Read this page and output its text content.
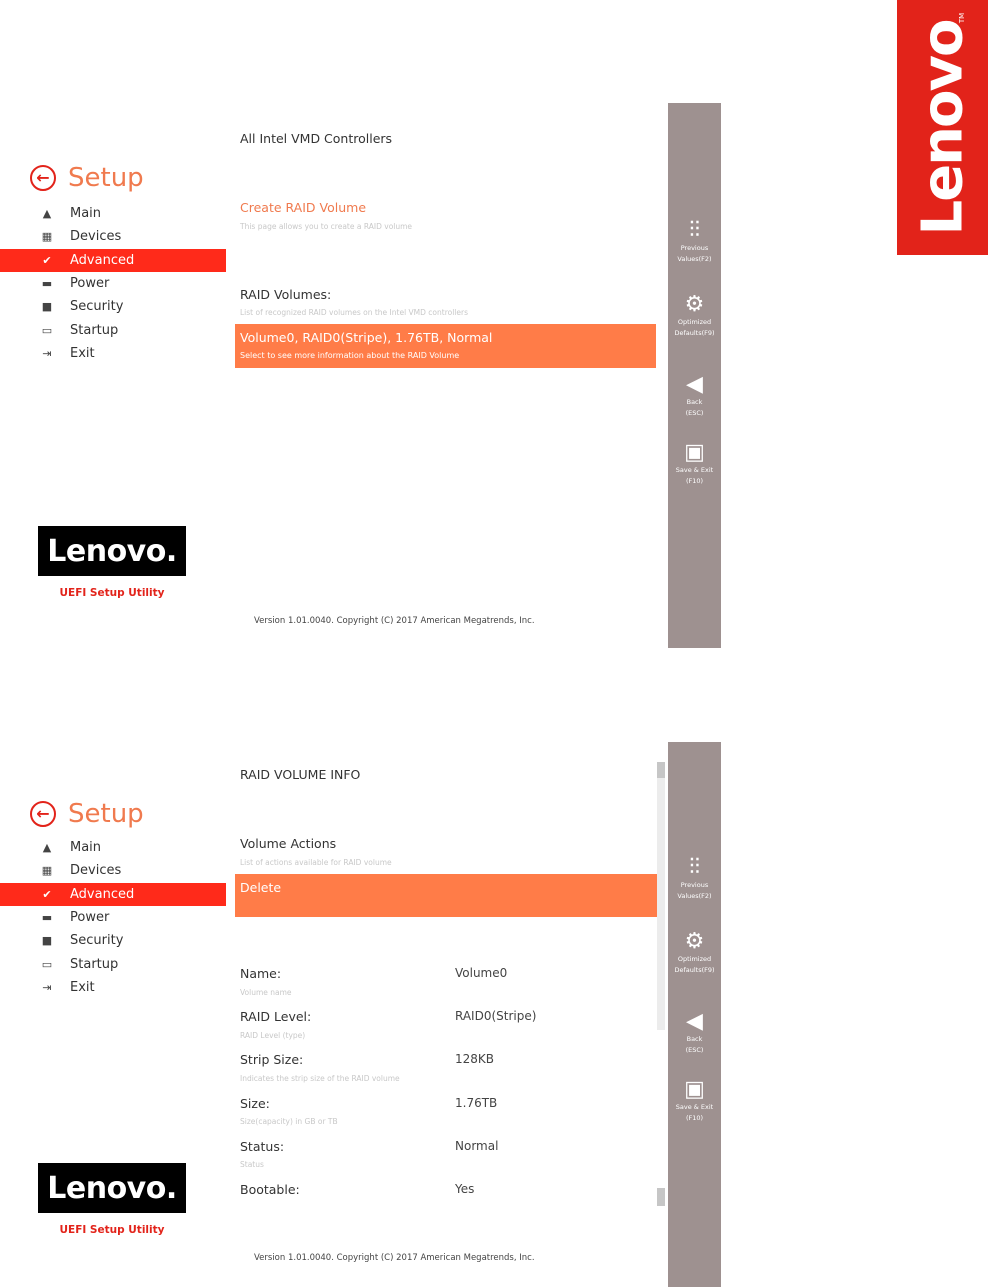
Lenovo
TM
← Setup
▲	Main
▦ Devices
✔	Advanced
▬ Power
■ Security
▭ Startup
⇥	Exit
Lenovo.
UEFI Setup Utility
All Intel VMD Controllers
Create RAID Volume
This page allows you to create a RAID volume
RAID Volumes:
List of recognized RAID volumes on the Intel VMD controllers
Volume0, RAID0(Stripe), 1.76TB, Normal
Select to see more information about the RAID Volume
Version 1.01.0040. Copyright (C) 2017 American Megatrends, Inc.
⫶⫶
Previous
Values(F2)
⚙
Optimized
Defaults(F9)
◀
Back
(ESC)
▣
Save & Exit
(F10)
← Setup
▲	Main
▦ Devices
✔	Advanced
▬ Power
■ Security
▭ Startup
⇥	Exit
Lenovo.
UEFI Setup Utility
RAID VOLUME INFO
Volume Actions
List of actions available for RAID volume
Delete
Name:	Volume0
Volume name
RAID Level:	RAID0(Stripe)
RAID Level (type)
Strip Size:	128KB
Indicates the strip size of the RAID volume
Size:	1.76TB
Size(capacity) in GB or TB
Status:	Normal
Status
Bootable:	Yes
Version 1.01.0040. Copyright (C) 2017 American Megatrends, Inc.
⫶⫶
Previous
Values(F2)
⚙
Optimized
Defaults(F9)
◀
Back
(ESC)
▣
Save & Exit
(F10)
